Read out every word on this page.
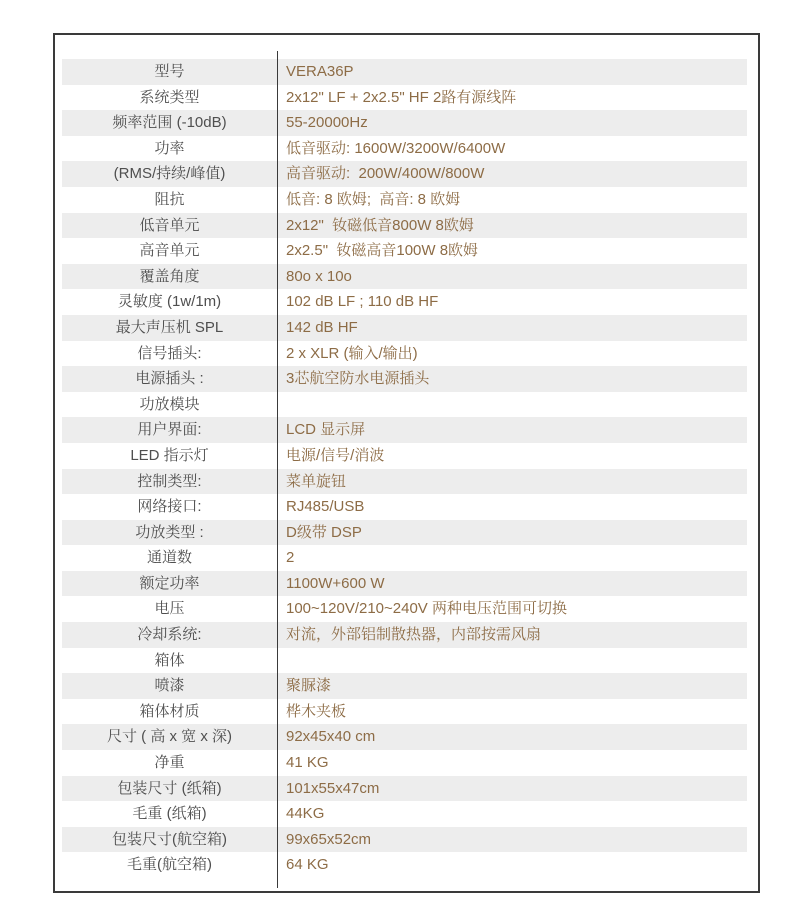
型号	VERA36P
系统类型	2x12" LF + 2x2.5" HF 2路有源线阵
频率范围 (-10dB)	55-20000Hz
功率	低音驱动: 1600W/3200W/6400W
(RMS/持续/峰值)	高音驱动:  200W/400W/800W
阻抗	低音: 8 欧姆;  高音: 8 欧姆
低音单元	2x12"  钕磁低音800W 8欧姆
高音单元	2x2.5"  钕磁高音100W 8欧姆
覆盖角度	80o x 10o
灵敏度 (1w/1m)	102 dB LF ; 110 dB HF
最大声压机 SPL	142 dB HF
信号插头:	2 x XLR (输入/输出)
电源插头 :	3芯航空防水电源插头
功放模块
用户界面:	LCD 显示屏
LED 指示灯	电源/信号/消波
控制类型:	菜单旋钮
网络接口:	RJ485/USB
功放类型 :	D级带 DSP
通道数	2
额定功率	1100W+600 W
电压	100~120V/210~240V 两种电压范围可切换
冷却系统:	对流，外部铝制散热器，内部按需风扇
箱体
喷漆	聚脲漆
箱体材质	桦木夹板
尺寸 ( 高 x 宽 x 深)	92x45x40 cm
净重	41 KG
包装尺寸 (纸箱)	101x55x47cm
毛重 (纸箱)	44KG
包装尺寸(航空箱)	99x65x52cm
毛重(航空箱)	64 KG
